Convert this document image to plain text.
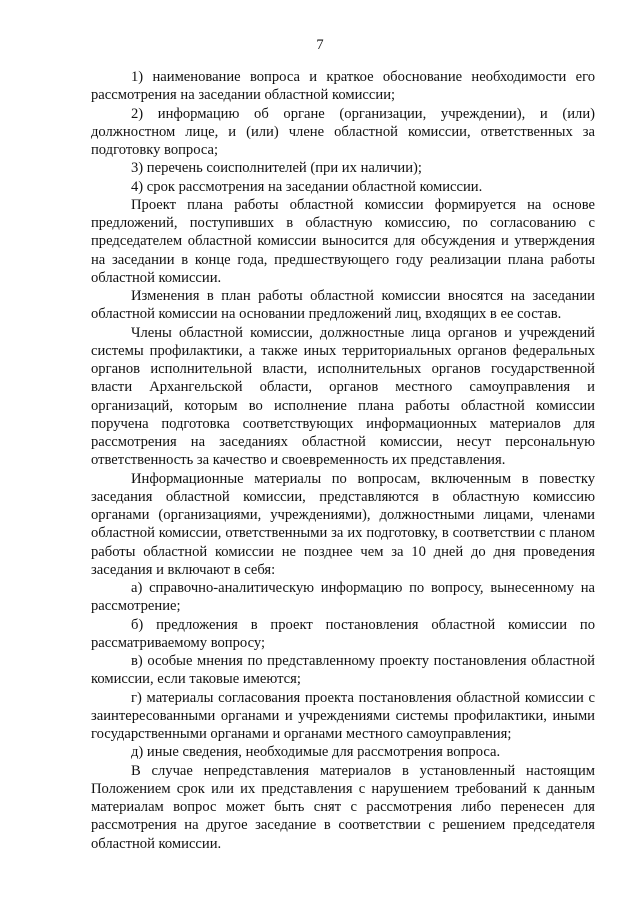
7

1) наименование вопроса и краткое обоснование необходимости его рассмотрения на заседании областной комиссии;

2) информацию об органе (организации, учреждении), и (или) должностном лице, и (или) члене областной комиссии, ответственных за подготовку вопроса;

3) перечень соисполнителей (при их наличии);

4) срок рассмотрения на заседании областной комиссии.

Проект плана работы областной комиссии формируется на основе предложений, поступивших в областную комиссию, по согласованию с председателем областной комиссии выносится для обсуждения и утверждения на заседании в конце года, предшествующего году реализации плана работы областной комиссии.

Изменения в план работы областной комиссии вносятся на заседании областной комиссии на основании предложений лиц, входящих в ее состав.

Члены областной комиссии, должностные лица органов и учреждений системы профилактики, а также иных территориальных органов федеральных органов исполнительной власти, исполнительных органов государственной власти Архангельской области, органов местного самоуправления и организаций, которым во исполнение плана работы областной комиссии поручена подготовка соответствующих информационных материалов для рассмотрения на заседаниях областной комиссии, несут персональную ответственность за качество и своевременность их представления.

Информационные материалы по вопросам, включенным в повестку заседания областной комиссии, представляются в областную комиссию органами (организациями, учреждениями), должностными лицами, членами областной комиссии, ответственными за их подготовку, в соответствии с планом работы областной комиссии не позднее чем за 10 дней до дня проведения заседания и включают в себя:

а) справочно-аналитическую информацию по вопросу, вынесенному на рассмотрение;

б) предложения в проект постановления областной комиссии по рассматриваемому вопросу;

в) особые мнения по представленному проекту постановления областной комиссии, если таковые имеются;

г) материалы согласования проекта постановления областной комиссии с заинтересованными органами и учреждениями системы профилактики, иными государственными органами и органами местного самоуправления;

д) иные сведения, необходимые для рассмотрения вопроса.

В случае непредставления материалов в установленный настоящим Положением срок или их представления с нарушением требований к данным материалам вопрос может быть снят с рассмотрения либо перенесен для рассмотрения на другое заседание в соответствии с решением председателя областной комиссии.
